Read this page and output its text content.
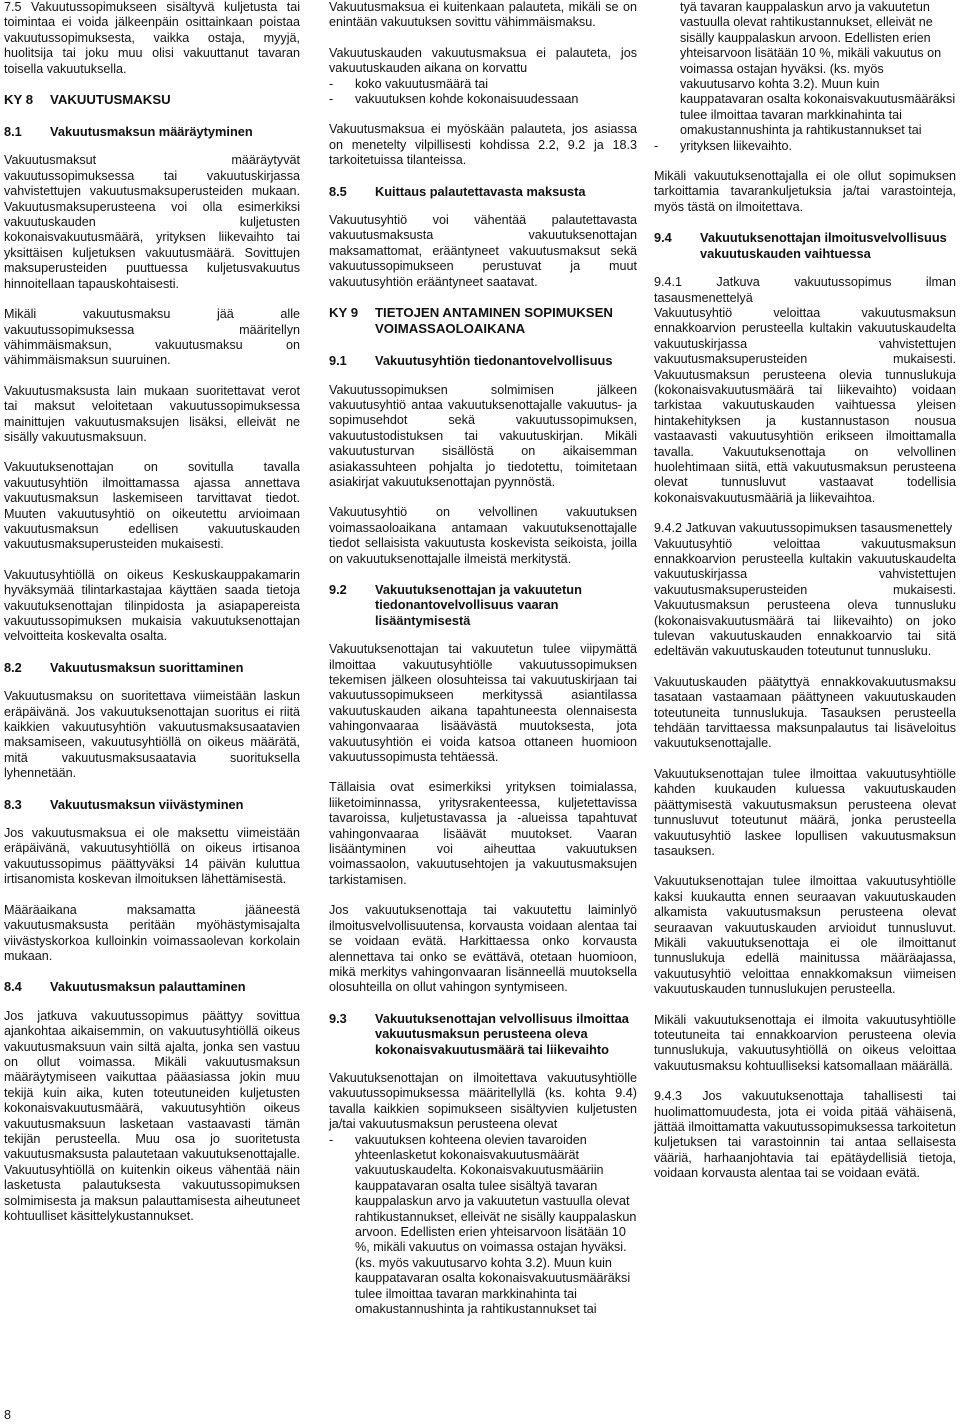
7.5 Vakuutussopimukseen sisältyvä kuljetusta tai toimintaa ei voida jälkeenpäin osittainkaan poistaa vakuutussopimuksesta, vaikka ostaja, myyjä, huolitsija tai joku muu olisi vakuuttanut tavaran toisella vakuutuksella.

KY 8	VAKUUTUSMAKSU
8.1	Vakuutusmaksun määräytyminen

Vakuutusmaksut määräytyvät vakuutussopimuksessa tai vakuutuskirjassa vahvistettujen vakuutusmaksuperusteiden mukaan. Vakuutusmaksuperusteena voi olla esimerkiksi vakuutuskauden kuljetusten kokonaisvakuutusmäärä, yrityksen liikevaihto tai yksittäisen kuljetuksen vakuutusmäärä. Sovittujen maksuperusteiden puuttuessa kuljetusvakuutus hinnoitellaan tapauskohtaisesti.

Mikäli vakuutusmaksu jää alle vakuutussopimuksessa määritellyn vähimmäismaksun, vakuutusmaksu on vähimmäismaksun suuruinen.

Vakuutusmaksusta lain mukaan suoritettavat verot tai maksut veloitetaan vakuutussopimuksessa mainittujen vakuutusmaksujen lisäksi, elleivät ne sisälly vakuutusmaksuun.

Vakuutuksenottajan on sovitulla tavalla vakuutusyhtiön ilmoittamassa ajassa annettava vakuutusmaksun laskemiseen tarvittavat tiedot. Muuten vakuutusyhtiö on oikeutettu arvioimaan vakuutusmaksun edellisen vakuutuskauden vakuutusmaksuperusteiden mukaisesti.

Vakuutusyhtiöllä on oikeus Keskuskauppakamarin hyväksymää tilintarkastajaa käyttäen saada tietoja vakuutuksenottajan tilinpidosta ja asiapapereista vakuutussopimuksen mukaisia vakuutuksenottajan velvoitteita koskevalta osalta.

8.2	Vakuutusmaksun suorittaminen

Vakuutusmaksu on suoritettava viimeistään laskun eräpäivänä. Jos vakuutuksenottajan suoritus ei riitä kaikkien vakuutusyhtiön vakuutusmaksusaatavien maksamiseen, vakuutusyhtiöllä on oikeus määrätä, mitä vakuutusmaksusaatavia suorituksella lyhennetään.

8.3	Vakuutusmaksun viivästyminen

Jos vakuutusmaksua ei ole maksettu viimeistään eräpäivänä, vakuutusyhtiöllä on oikeus irtisanoa vakuutussopimus päättyväksi 14 päivän kuluttua irtisanomista koskevan ilmoituksen lähettämisestä.

Määräaikana maksamatta jääneestä vakuutusmaksusta peritään myöhästymisajalta viivästyskorkoa kulloinkin voimassaolevan korkolain mukaan.

8.4	Vakuutusmaksun palauttaminen

Jos jatkuva vakuutussopimus päättyy sovittua ajankohtaa aikaisemmin, on vakuutusyhtiöllä oikeus vakuutusmaksuun vain siltä ajalta, jonka sen vastuu on ollut voimassa. Mikäli vakuutusmaksun määräytymiseen vaikuttaa pääasiassa jokin muu tekijä kuin aika, kuten toteutuneiden kuljetusten kokonaisvakuutusmäärä, vakuutusyhtiön oikeus vakuutusmaksuun lasketaan vastaavasti tämän tekijän perusteella. Muu osa jo suoritetusta vakuutusmaksusta palautetaan vakuutuksenottajalle. Vakuutusyhtiöllä on kuitenkin oikeus vähentää näin lasketusta palautuksesta vakuutussopimuksen solmimisesta ja maksun palauttamisesta aiheutuneet kohtuulliset käsittelykustannukset.

Vakuutusmaksua ei kuitenkaan palauteta, mikäli se on enintään vakuutuksen sovittu vähimmäismaksu.

Vakuutuskauden vakuutusmaksua ei palauteta, jos vakuutuskauden aikana on korvattu

-	koko vakuutusmäärä tai
-	vakuutuksen kohde kokonaisuudessaan

Vakuutusmaksua ei myöskään palauteta, jos asiassa on menetelty vilpillisesti kohdissa 2.2, 9.2 ja 18.3 tarkoitetuissa tilanteissa.

8.5	Kuittaus palautettavasta maksusta

Vakuutusyhtiö voi vähentää palautettavasta vakuutusmaksusta vakuutuksenottajan maksamattomat, erääntyneet vakuutusmaksut sekä vakuutussopimukseen perustuvat ja muut vakuutusyhtiön erääntyneet saatavat.

KY 9	TIETOJEN ANTAMINEN SOPIMUKSEN VOIMASSAOLOAIKANA
9.1	Vakuutusyhtiön tiedonantovelvollisuus

Vakuutussopimuksen solmimisen jälkeen vakuutusyhtiö antaa vakuutuksenottajalle vakuutus- ja sopimusehdot sekä vakuutussopimuksen, vakuutustodistuksen tai vakuutuskirjan. Mikäli vakuutusturvan sisällöstä on aikaisemman asiakassuhteen pohjalta jo tiedotettu, toimitetaan asiakirjat vakuutuksenottajan pyynnöstä.

Vakuutusyhtiö on velvollinen vakuutuksen voimassaoloaikana antamaan vakuutuksenottajalle tiedot sellaisista vakuutusta koskevista seikoista, joilla on vakuutuksenottajalle ilmeistä merkitystä.

9.2	Vakuutuksenottajan ja vakuutetun tiedonantovelvollisuus vaaran lisääntymisestä

Vakuutuksenottajan tai vakuutetun tulee viipymättä ilmoittaa vakuutusyhtiölle vakuutussopimuksen tekemisen jälkeen olosuhteissa tai vakuutuskirjaan tai vakuutussopimukseen merkityssä asiantilassa vakuutuskauden aikana tapahtuneesta olennaisesta vahingonvaaraa lisäävästä muutoksesta, jota vakuutusyhtiön ei voida katsoa ottaneen huomioon vakuutussopimusta tehtäessä.

Tällaisia ovat esimerkiksi yrityksen toimialassa, liiketoiminnassa, yritysrakenteessa, kuljetettavissa tavaroissa, kuljetustavassa ja -alueissa tapahtuvat vahingonvaaraa lisäävät muutokset. Vaaran lisääntyminen voi aiheuttaa vakuutuksen voimassaolon, vakuutusehtojen ja vakuutusmaksujen tarkistamisen.

Jos vakuutuksenottaja tai vakuutettu laiminlyö ilmoitusvelvollisuutensa, korvausta voidaan alentaa tai se voidaan evätä. Harkittaessa onko korvausta alennettava tai onko se evättävä, otetaan huomioon, mikä merkitys vahingonvaaran lisänneellä muutoksella olosuhteilla on ollut vahingon syntymiseen.

9.3	Vakuutuksenottajan velvollisuus ilmoittaa vakuutusmaksun perusteena oleva kokonaisvakuutusmäärä tai liikevaihto

Vakuutuksenottajan on ilmoitettava vakuutusyhtiölle vakuutussopimuksessa määritellyllä (ks. kohta 9.4) tavalla kaikkien sopimukseen sisältyvien kuljetusten ja/tai vakuutusmaksun perusteena olevat

-	vakuutuksen kohteena olevien tavaroiden yhteenlasketut kokonaisvakuutusmäärät vakuutuskaudelta. Kokonaisvakuutusmääriin kauppatavaran osalta tulee sisältyä tavaran kauppalaskun arvo ja vakuutetun vastuulla olevat rahtikustannukset, elleivät ne sisälly kauppalaskun arvoon. Edellisten erien yhteisarvoon lisätään 10 %, mikäli vakuutus on voimassa ostajan hyväksi. (ks. myös vakuutusarvo kohta 3.2). Muun kuin kauppatavaran osalta kokonaisvakuutusmääräksi tulee ilmoittaa tavaran markkinahinta tai omakustannushinta ja rahtikustannukset tai
tyä tavaran kauppalaskun arvo ja vakuutetun vastuulla olevat rahtikustannukset, elleivät ne sisälly kauppalaskun arvoon. Edellisten erien yhteisarvoon lisätään 10 %, mikäli vakuutus on voimassa ostajan hyväksi. (ks. myös vakuutusarvo kohta 3.2). Muun kuin kauppatavaran osalta kokonaisvakuutusmääräksi tulee ilmoittaa tavaran markkinahinta tai omakustannushinta ja rahtikustannukset tai
-	yrityksen liikevaihto.

Mikäli vakuutuksenottajalla ei ole ollut sopimuksen tarkoittamia tavarankuljetuksia ja/tai varastointeja, myös tästä on ilmoitettava.

9.4	Vakuutuksenottajan ilmoitusvelvollisuus vakuutuskauden vaihtuessa

9.4.1 Jatkuva vakuutussopimus ilman tasausmenettelyä

Vakuutusyhtiö veloittaa vakuutusmaksun ennakkoarvion perusteella kultakin vakuutuskaudelta vakuutuskirjassa vahvistettujen vakuutusmaksuperusteiden mukaisesti. Vakuutusmaksun perusteena olevia tunnuslukuja (kokonaisvakuutusmäärä tai liikevaihto) voidaan tarkistaa vakuutuskauden vaihtuessa yleisen hintakehityksen ja kustannustason nousua vastaavasti vakuutusyhtiön erikseen ilmoittamalla tavalla. Vakuutuksenottaja on velvollinen huolehtimaan siitä, että vakuutusmaksun perusteena olevat tunnusluvut vastaavat todellisia kokonaisvakuutusmääriä ja liikevaihtoa.

9.4.2 Jatkuvan vakuutussopimuksen tasausmenettely

Vakuutusyhtiö veloittaa vakuutusmaksun ennakkoarvion perusteella kultakin vakuutuskaudelta vakuutuskirjassa vahvistettujen vakuutusmaksuperusteiden mukaisesti. Vakuutusmaksun perusteena oleva tunnusluku (kokonaisvakuutusmäärä tai liikevaihto) on joko tulevan vakuutuskauden ennakkoarvio tai sitä edeltävän vakuutuskauden toteutunut tunnusluku.

Vakuutuskauden päätyttyä ennakkovakuutusmaksu tasataan vastaamaan päättyneen vakuutuskauden toteutuneita tunnuslukuja. Tasauksen perusteella tehdään tarvittaessa maksunpalautus tai lisäveloitus vakuutuksenottajalle.

Vakuutuksenottajan tulee ilmoittaa vakuutusyhtiölle kahden kuukauden kuluessa vakuutuskauden päättymisestä vakuutusmaksun perusteena olevat tunnusluvut toteutunut määrä, jonka perusteella vakuutusyhtiö laskee lopullisen vakuutusmaksun tasauksen.

Vakuutuksenottajan tulee ilmoittaa vakuutusyhtiölle kaksi kuukautta ennen seuraavan vakuutuskauden alkamista vakuutusmaksun perusteena olevat seuraavan vakuutuskauden arvioidut tunnusluvut. Mikäli vakuutuksenottaja ei ole ilmoittanut tunnuslukuja edellä mainitussa määräajassa, vakuutusyhtiö veloittaa ennakkomaksun viimeisen vakuutuskauden tunnuslukujen perusteella.

Mikäli vakuutuksenottaja ei ilmoita vakuutusyhtiölle toteutuneita tai ennakkoarvion perusteena olevia tunnuslukuja, vakuutusyhtiöllä on oikeus veloittaa vakuutusmaksu kohtuulliseksi katsomallaan määrällä.

9.4.3 Jos vakuutuksenottaja tahallisesti tai huolimattomuudesta, jota ei voida pitää vähäisenä, jättää ilmoittamatta vakuutussopimuksessa tarkoitetun kuljetuksen tai varastoinnin tai antaa sellaisesta vääriä, harhaanjohtavia tai epätäydellisiä tietoja, voidaan korvausta alentaa tai se voidaan evätä.

8
